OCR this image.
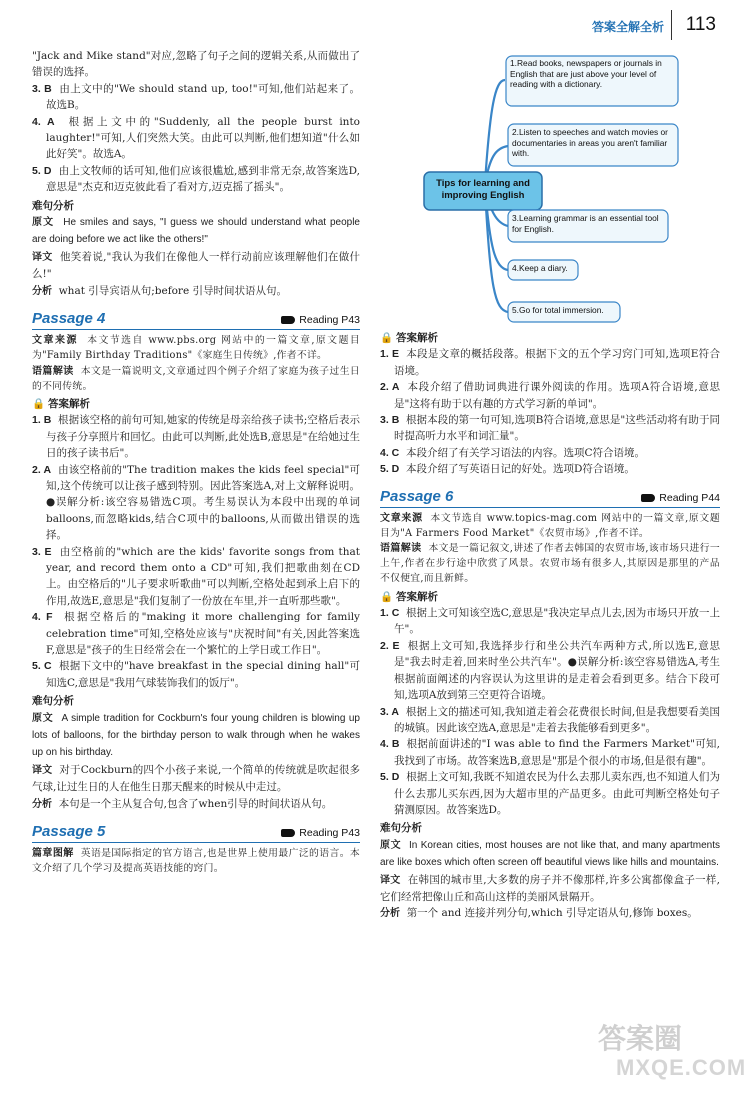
答案全解全析 113

"Jack and Mike stand"对应,忽略了句子之间的逻辑关系,从而做出了错误的选择。

3. B 由上文中的"We should stand up, too!"可知,他们站起来了。故选B。

4. A 根据上文中的"Suddenly, all the people burst into laughter!"可知,人们突然大笑。由此可以判断,他们想知道"什么如此好笑"。故选A。

5. D 由上文牧师的话可知,他们应该很尴尬,感到非常无奈,故答案选D,意思是"杰克和迈克彼此看了看对方,迈克摇了摇头"。

难句分析

原文 He smiles and says, "I guess we should understand what people are doing before we act like the others!"

译文 他笑着说,"我认为我们在像他人一样行动前应该理解他们在做什么!"

分析 what 引导宾语从句;before 引导时间状语从句。

Passage 4	Reading P43

文章来源 本文节选自 www.pbs.org 网站中的一篇文章,原文题目为"Family Birthday Traditions"《家庭生日传统》,作者不详。

语篇解读 本文是一篇说明文,文章通过四个例子介绍了家庭为孩子过生日的不同传统。

🔒 答案解析

1. B 根据该空格的前句可知,她家的传统是母亲给孩子读书;空格后表示与孩子分享照片和回忆。由此可以判断,此处选B,意思是"在给她过生日的孩子读书后"。

2. A 由该空格前的"The tradition makes the kids feel special"可知,这个传统可以让孩子感到特别。因此答案选A,对上文解释说明。●误解分析:该空容易错选C项。考生易误认为本段中出现的单词balloons,而忽略kids,结合C项中的balloons,从而做出错误的选择。

3. E 由空格前的"which are the kids' favorite songs from that year, and record them onto a CD"可知,我们把歌曲刻在CD上。由空格后的"儿子要求听歌曲"可以判断,空格处起到承上启下的作用,故选E,意思是"我们复制了一份放在车里,并一直听那些歌"。

4. F 根据空格后的"making it more challenging for family celebration time"可知,空格处应该与"庆祝时间"有关,因此答案选F,意思是"孩子的生日经常会在一个繁忙的上学日或工作日"。

5. C 根据下文中的"have breakfast in the special dining hall"可知选C,意思是"我用气球装饰我们的饭厅"。

难句分析

原文 A simple tradition for Cockburn's four young children is blowing up lots of balloons, for the birthday person to walk through when he wakes up on his birthday.

译文 对于Cockburn的四个小孩子来说,一个简单的传统就是吹起很多气球,让过生日的人在他生日那天醒来的时候从中走过。

分析 本句是一个主从复合句,包含了when引导的时间状语从句。

Passage 5	Reading P43

篇章图解 英语是国际指定的官方语言,也是世界上使用最广泛的语言。本文介绍了几个学习及提高英语技能的窍门。

Tips for learning and improving English
1.Read books, newspapers or journals in English that are just above your level of reading with a dictionary.
2.Listen to speeches and watch movies or documentaries in areas you aren't familiar with.
3.Learning grammar is an essential tool for English.
4.Keep a diary.
5.Go for total immersion.

🔒 答案解析

1. E 本段是文章的概括段落。根据下文的五个学习窍门可知,选项E符合语境。

2. A 本段介绍了借助词典进行课外阅读的作用。选项A符合语境,意思是"这将有助于以有趣的方式学习新的单词"。

3. B 根据本段的第一句可知,选项B符合语境,意思是"这些活动将有助于同时提高听力水平和词汇量"。

4. C 本段介绍了有关学习语法的内容。选项C符合语境。

5. D 本段介绍了写英语日记的好处。选项D符合语境。

Passage 6	Reading P44

文章来源 本文节选自 www.topics-mag.com 网站中的一篇文章,原文题目为"A Farmers Food Market"《农贸市场》,作者不详。

语篇解读 本文是一篇记叙文,讲述了作者去韩国的农贸市场,该市场只进行一上午,作者在步行途中欣赏了风景。农贸市场有很多人,其原因是那里的产品不仅便宜,而且新鲜。

🔒 答案解析

1. C 根据上文可知该空选C,意思是"我决定早点儿去,因为市场只开放一上午"。

2. E 根据上文可知,我选择步行和坐公共汽车两种方式,所以选E,意思是"我去时走着,回来时坐公共汽车"。●误解分析:该空容易错选A,考生根据前面阐述的内容误认为这里讲的是走着会看到更多。结合下段可知,选项A放到第三空更符合语境。

3. A 根据上文的描述可知,我知道走着会花费很长时间,但是我想要看美国的城镇。因此该空选A,意思是"走着去我能够看到更多"。

4. B 根据前面讲述的"I was able to find the Farmers Market"可知,我找到了市场。故答案选B,意思是"那是个很小的市场,但是很有趣"。

5. D 根据上文可知,我既不知道农民为什么去那儿卖东西,也不知道人们为什么去那儿买东西,因为大超市里的产品更多。由此可判断空格处句子猜测原因。故答案选D。

难句分析

原文 In Korean cities, most houses are not like that, and many apartments are like boxes which often screen off beautiful views like hills and mountains.

译文 在韩国的城市里,大多数的房子并不像那样,许多公寓都像盒子一样,它们经常把像山丘和高山这样的美丽风景隔开。

分析 第一个 and 连接并列分句,which 引导定语从句,修饰 boxes。

答案圈
MXQE.COM
